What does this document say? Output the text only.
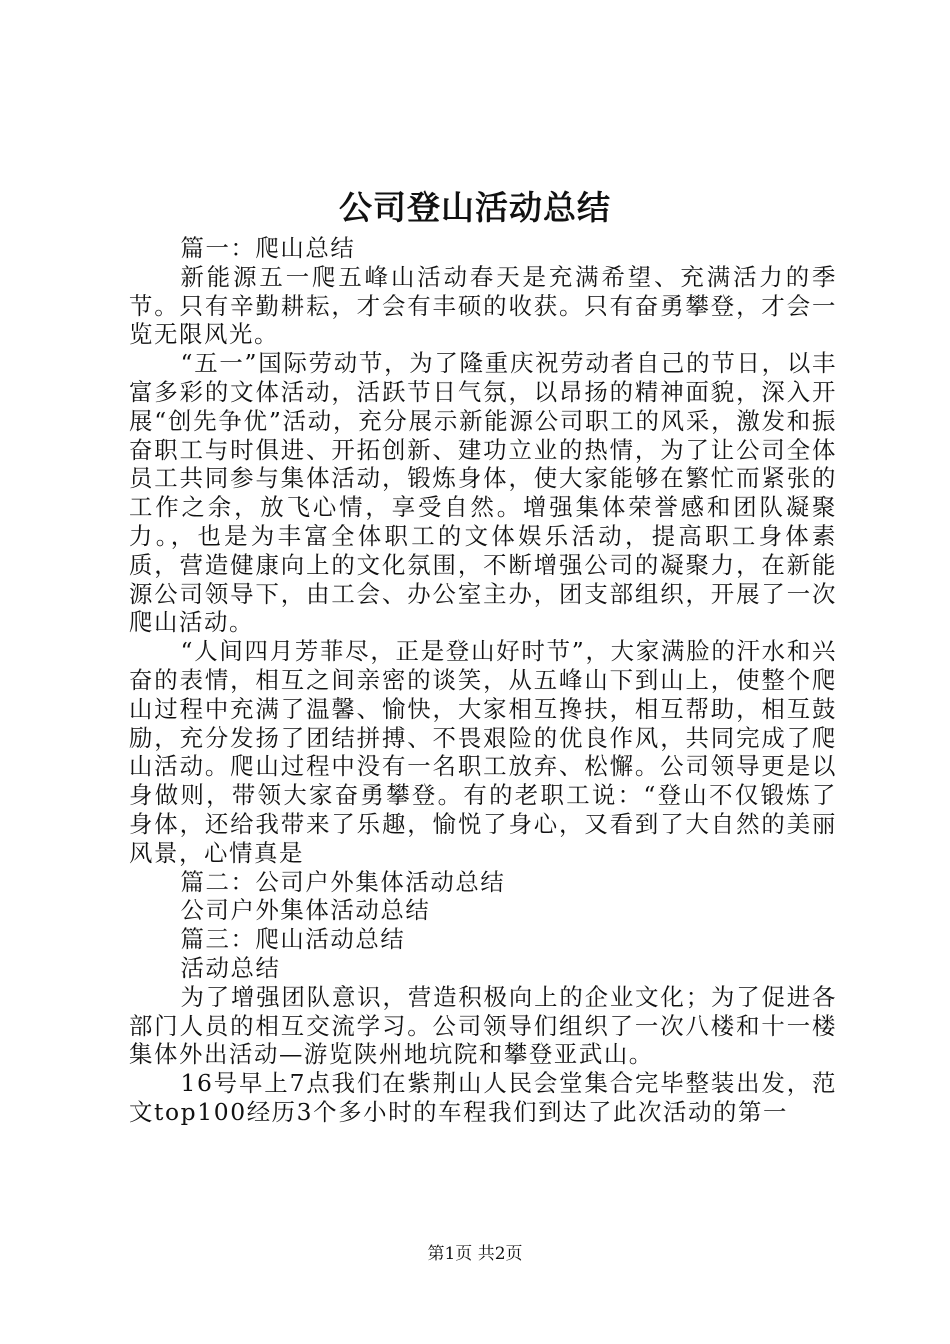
公司登山活动总结

篇一：爬山总结

新能源五一爬五峰山活动春天是充满希望、充满活力的季节。只有辛勤耕耘，才会有丰硕的收获。只有奋勇攀登，才会一览无限风光。

“五一”国际劳动节，为了隆重庆祝劳动者自己的节日，以丰富多彩的文体活动，活跃节日气氛，以昂扬的精神面貌，深入开展“创先争优”活动，充分展示新能源公司职工的风采，激发和振奋职工与时俱进、开拓创新、建功立业的热情，为了让公司全体员工共同参与集体活动，锻炼身体，使大家能够在繁忙而紧张的工作之余，放飞心情，享受自然。增强集体荣誉感和团队凝聚力。，也是为丰富全体职工的文体娱乐活动，提高职工身体素质，营造健康向上的文化氛围，不断增强公司的凝聚力，在新能源公司领导下，由工会、办公室主办，团支部组织，开展了一次爬山活动。

“人间四月芳菲尽，正是登山好时节”，大家满脸的汗水和兴奋的表情，相互之间亲密的谈笑，从五峰山下到山上，使整个爬山过程中充满了温馨、愉快，大家相互搀扶，相互帮助，相互鼓励，充分发扬了团结拼搏、不畏艰险的优良作风，共同完成了爬山活动。爬山过程中没有一名职工放弃、松懈。公司领导更是以身做则，带领大家奋勇攀登。有的老职工说：“登山不仅锻炼了身体，还给我带来了乐趣，愉悦了身心，又看到了大自然的美丽风景，心情真是

篇二：公司户外集体活动总结

公司户外集体活动总结

篇三：爬山活动总结

活动总结

为了增强团队意识，营造积极向上的企业文化；为了促进各部门人员的相互交流学习。公司领导们组织了一次八楼和十一楼集体外出活动—游览陕州地坑院和攀登亚武山。

16号早上7点我们在紫荆山人民会堂集合完毕整装出发，范文top100经历3个多小时的车程我们到达了此次活动的第一

第1页 共2页
